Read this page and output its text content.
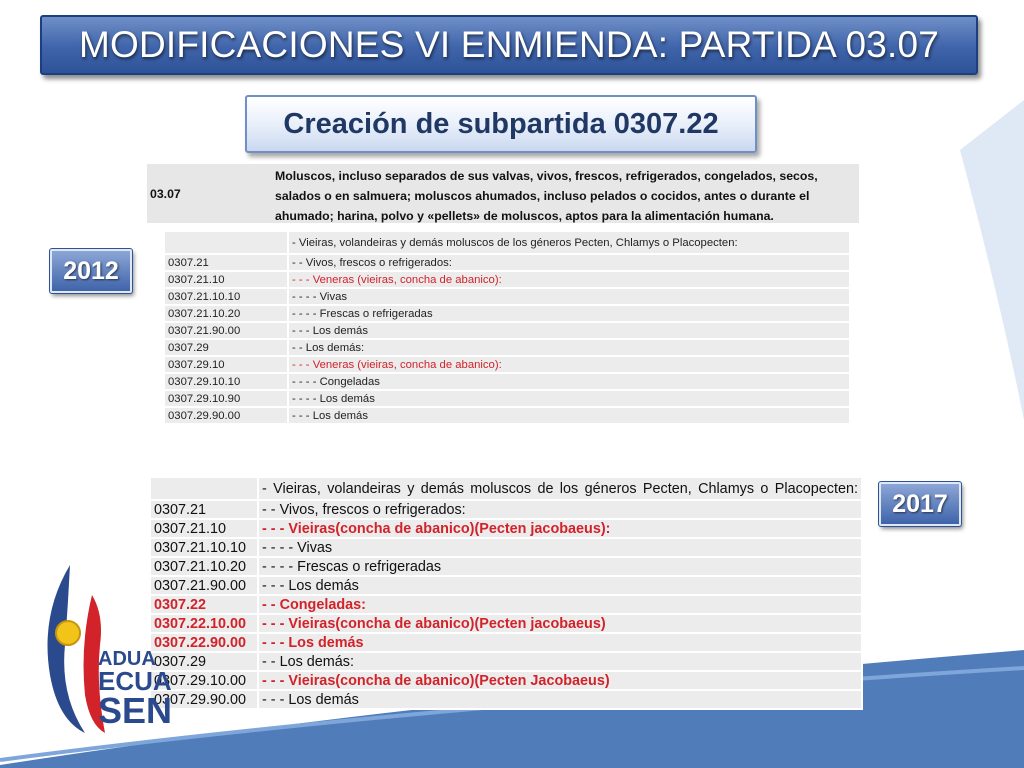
MODIFICACIONES VI ENMIENDA: PARTIDA 03.07
Creación de subpartida 0307.22
2012
2017
03.07
Moluscos, incluso separados de sus valvas, vivos, frescos, refrigerados, congelados, secos, salados o en salmuera; moluscos ahumados, incluso pelados o cocidos, antes o durante el ahumado; harina, polvo y «pellets» de moluscos, aptos para la alimentación humana.
	- Vieiras, volandeiras y demás moluscos de los géneros Pecten, Chlamys o Placopecten:
0307.21	- - Vivos, frescos o refrigerados:
0307.21.10	- - - Veneras (vieiras, concha de abanico):
0307.21.10.10	- - - - Vivas
0307.21.10.20	- - - - Frescas o refrigeradas
0307.21.90.00	- - - Los demás
0307.29	- - Los demás:
0307.29.10	- - - Veneras (vieiras, concha de abanico):
0307.29.10.10	- - - - Congeladas
0307.29.10.90	- - - - Los demás
0307.29.90.00	- - - Los demás
	- Vieiras, volandeiras y demás moluscos de los géneros Pecten, Chlamys o Placopecten:
0307.21	- - Vivos, frescos o refrigerados:
0307.21.10	- - - Vieiras(concha de abanico)(Pecten jacobaeus):
0307.21.10.10	- - - - Vivas
0307.21.10.20	- - - - Frescas o refrigeradas
0307.21.90.00	- - - Los demás
0307.22	- - Congeladas:
0307.22.10.00	- - - Vieiras(concha de abanico)(Pecten jacobaeus)
0307.22.90.00	- - - Los demás
0307.29	- - Los demás:
0307.29.10.00	- - - Vieiras(concha de abanico)(Pecten Jacobaeus)
0307.29.90.00	- - - Los demás
ADUA
ECUA
SEN
